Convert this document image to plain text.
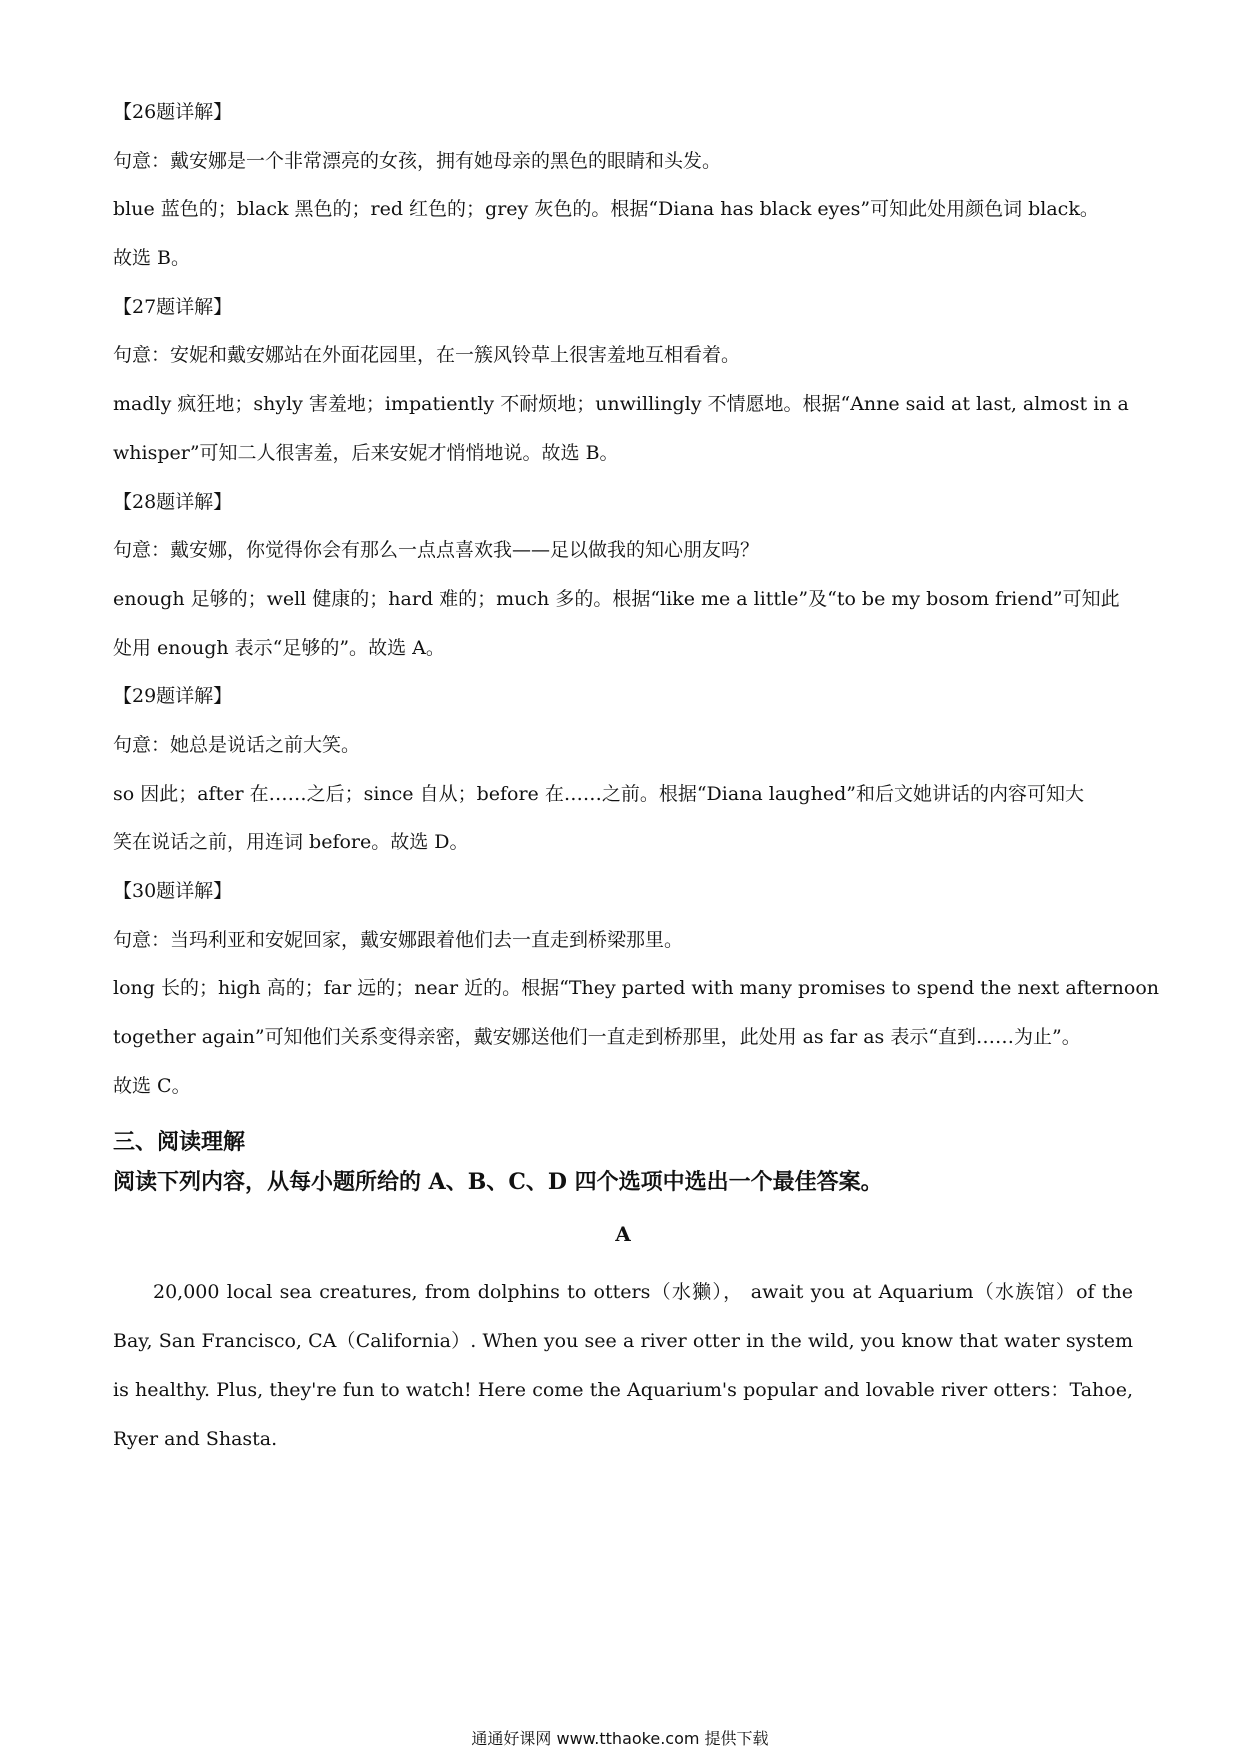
【26题详解】

句意：戴安娜是一个非常漂亮的女孩，拥有她母亲的黑色的眼睛和头发。

blue 蓝色的；black 黑色的；red 红色的；grey 灰色的。根据“Diana has black eyes”可知此处用颜色词 black。

故选 B。

【27题详解】

句意：安妮和戴安娜站在外面花园里，在一簇风铃草上很害羞地互相看着。

madly 疯狂地；shyly 害羞地；impatiently 不耐烦地；unwillingly 不情愿地。根据“Anne said at last, almost in a

whisper”可知二人很害羞，后来安妮才悄悄地说。故选 B。

【28题详解】

句意：戴安娜，你觉得你会有那么一点点喜欢我——足以做我的知心朋友吗？

enough 足够的；well 健康的；hard 难的；much 多的。根据“like me a little”及“to be my bosom friend”可知此

处用 enough 表示“足够的”。故选 A。

【29题详解】

句意：她总是说话之前大笑。

so 因此；after 在……之后；since 自从；before 在……之前。根据“Diana laughed”和后文她讲话的内容可知大

笑在说话之前，用连词 before。故选 D。

【30题详解】

句意：当玛利亚和安妮回家，戴安娜跟着他们去一直走到桥梁那里。

long 长的；high 高的；far 远的；near 近的。根据“They parted with many promises to spend the next afternoon

together again”可知他们关系变得亲密，戴安娜送他们一直走到桥那里，此处用 as far as 表示“直到……为止”。

故选 C。

三、阅读理解

阅读下列内容，从每小题所给的 A、B、C、D 四个选项中选出一个最佳答案。

A

20,000 local sea creatures, from dolphins to otters（水獭）， await you at Aquarium（水族馆）of the Bay, San Francisco, CA（California）. When you see a river otter in the wild, you know that water system is healthy. Plus, they're fun to watch! Here come the Aquarium's popular and lovable river otters：Tahoe, Ryer and Shasta.

通通好课网 www.tthaoke.com 提供下载
